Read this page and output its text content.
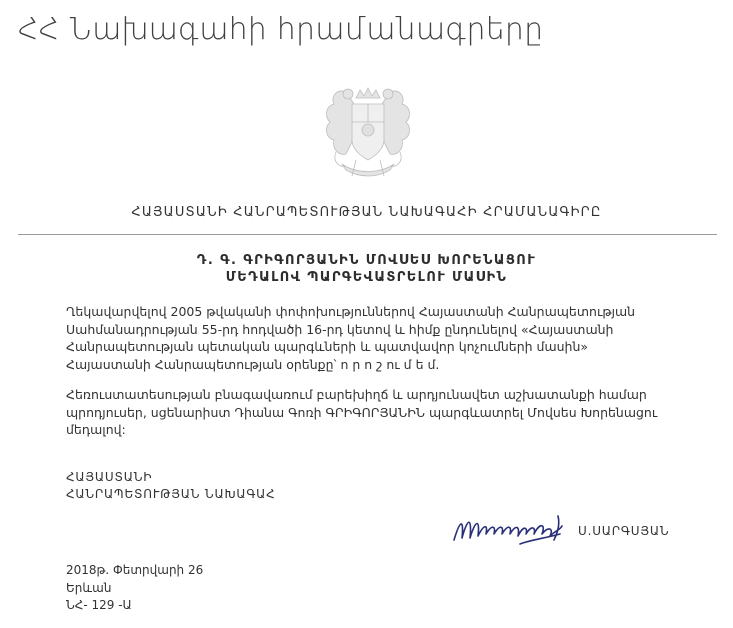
ՀՀ Նախագահի հրամանագրերը
ՀԱՅԱՍՏԱՆԻ ՀԱՆՐԱՊԵՏՈՒԹՅԱՆ ՆԱԽԱԳԱՀԻ ՀՐԱՄԱՆԱԳԻՐԸ
Դ. Գ. ԳՐԻԳՈՐՅԱՆԻՆ ՄՈՎՍԵՍ ԽՈՐԵՆԱՑՈՒ
ՄԵԴԱԼՈՎ ՊԱՐԳԵՎԱՏՐԵԼՈՒ ՄԱՍԻՆ
Ղեկավարվելով 2005 թվականի փոփոխություններով Հայաստանի Հանրապետության Սահմանադրության 55-րդ հոդվածի 16-րդ կետով և հիմք ընդունելով «Հայաստանի Հանրապետության պետական պարգևների և պատվավոր կոչումների մասին» Հայաստանի Հանրապետության օրենքը՝ ո ր ո շ ու մ ե մ.
Հեռուստատեսության բնագավառում բարեխիղճ և արդյունավետ աշխատանքի համար պրոդյուսեր, սցենարիստ Դիանա Գոռի ԳՐԻԳՈՐՅԱՆԻՆ պարգևատրել Մովսես Խորենացու մեդալով:
ՀԱՅԱՍՏԱՆԻ
ՀԱՆՐԱՊԵՏՈՒԹՅԱՆ ՆԱԽԱԳԱՀ
Ս.ՍԱՐԳՍՅԱՆ
2018թ. Փետրվարի 26
Երևան
ՆՀ- 129 -Ա
